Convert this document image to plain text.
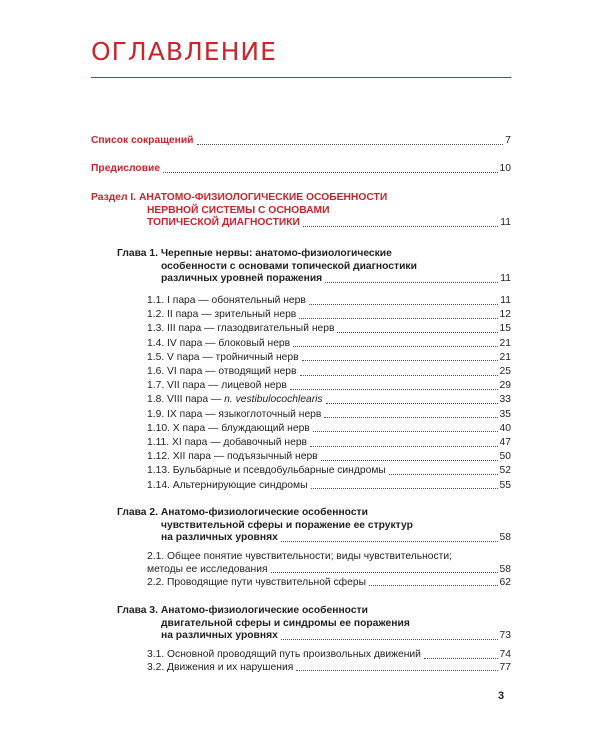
ОГЛАВЛЕНИЕ
Список сокращений	7
Предисловие	10
Раздел I. АНАТОМО-ФИЗИОЛОГИЧЕСКИЕ ОСОБЕННОСТИ
НЕРВНОЙ СИСТЕМЫ С ОСНОВАМИ
ТОПИЧЕСКОЙ ДИАГНОСТИКИ	11
Глава 1. Черепные нервы: анатомо-физиологические
особенности с основами топической диагностики
различных уровней поражения	11
1.1. I пара — обонятельный нерв	11
1.2. II пара — зрительный нерв	12
1.3. III пара — глазодвигательный нерв	15
1.4. IV пара — блоковый нерв	21
1.5. V пара — тройничный нерв	21
1.6. VI пара — отводящий нерв	25
1.7. VII пара — лицевой нерв	29
1.8. VIII пара — n. vestibulocochlearis	33
1.9. IX пара — языкоглоточный нерв	35
1.10. X пара — блуждающий нерв	40
1.11. XI пара — добавочный нерв	47
1.12. XII пара — подъязычный нерв	50
1.13. Бульбарные и псевдобульбарные синдромы	52
1.14. Альтернирующие синдромы	55
Глава 2. Анатомо-физиологические особенности
чувствительной сферы и поражение ее структур
на различных уровнях	58
2.1. Общее понятие чувствительности; виды чувствительности;
методы ее исследования	58
2.2. Проводящие пути чувствительной сферы	62
Глава 3. Анатомо-физиологические особенности
двигательной сферы и синдромы ее поражения
на различных уровнях	73
3.1. Основной проводящий путь произвольных движений	74
3.2. Движения и их нарушения	77
3
